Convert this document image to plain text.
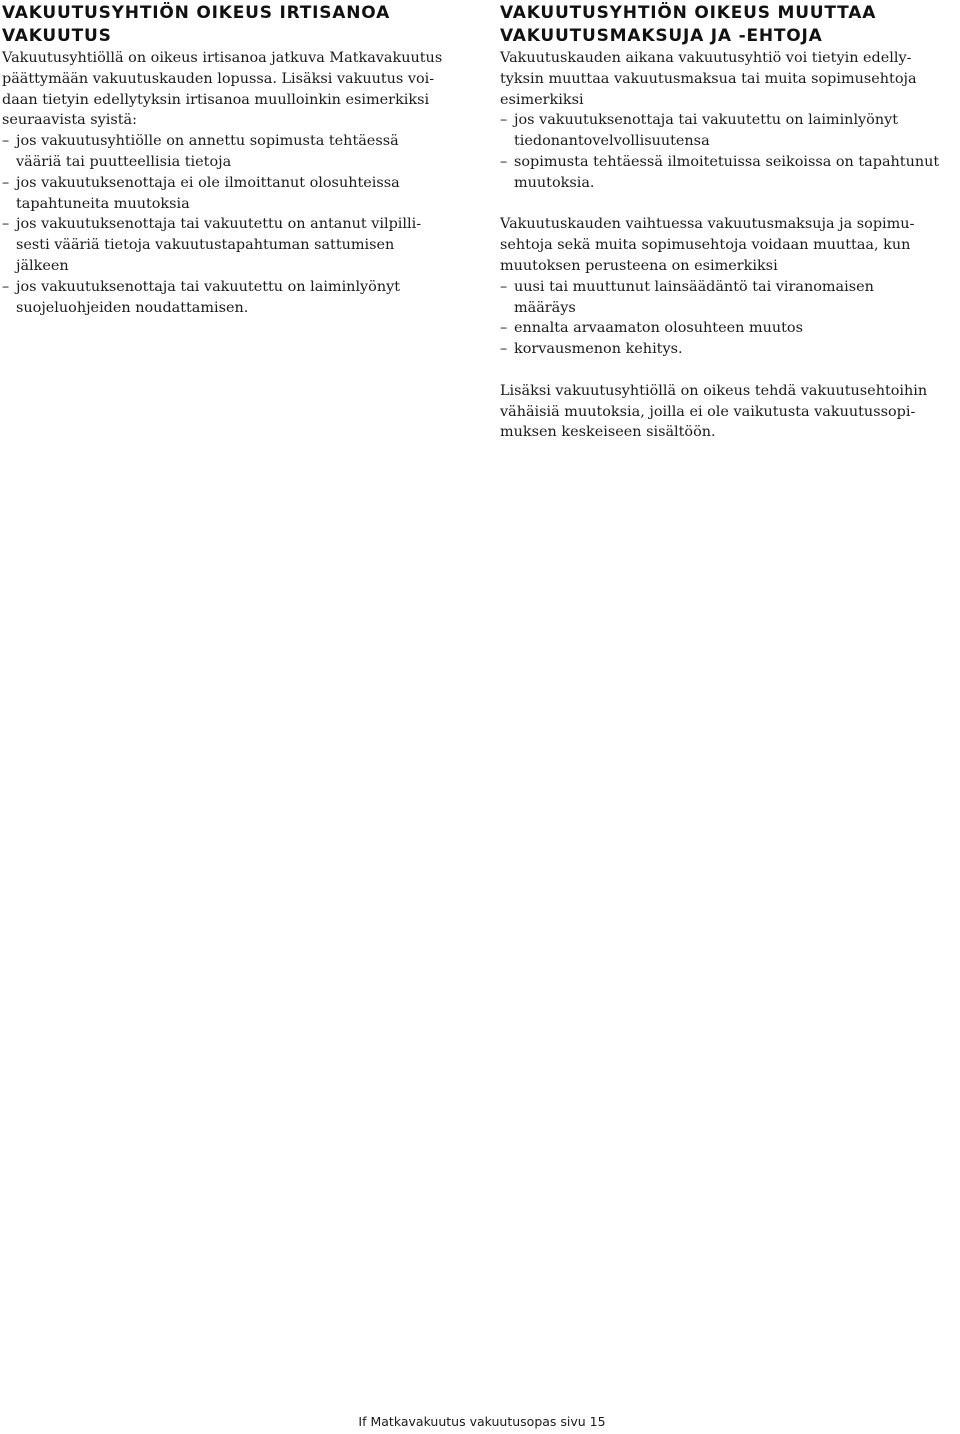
VAKUUTUSYHTIÖN OIKEUS IRTISANOA
VAKUUTUS

Vakuutusyhtiöllä on oikeus irtisanoa jatkuva Matkavakuutus
päättymään vakuutuskauden lopussa. Lisäksi vakuutus voi-
daan tietyin edellytyksin irtisanoa muulloinkin esimerkiksi
seuraavista syistä:

– jos vakuutusyhtiölle on annettu sopimusta tehtäessä
vääriä tai puutteellisia tietoja
– jos vakuutuksenottaja ei ole ilmoittanut olosuhteissa
tapahtuneita muutoksia
– jos vakuutuksenottaja tai vakuutettu on antanut vilpilli-
sesti vääriä tietoja vakuutustapahtuman sattumisen
jälkeen
– jos vakuutuksenottaja tai vakuutettu on laiminlyönyt
suojeluohjeiden noudattamisen.
VAKUUTUSYHTIÖN OIKEUS MUUTTAA
VAKUUTUSMAKSUJA JA -EHTOJA

Vakuutuskauden aikana vakuutusyhtiö voi tietyin edelly-
tyksin muuttaa vakuutusmaksua tai muita sopimusehtoja
esimerkiksi

– jos vakuutuksenottaja tai vakuutettu on laiminlyönyt
tiedonantovelvollisuutensa
– sopimusta tehtäessä ilmoitetuissa seikoissa on tapahtunut
muutoksia.

Vakuutuskauden vaihtuessa vakuutusmaksuja ja sopimu-
sehtoja sekä muita sopimusehtoja voidaan muuttaa, kun
muutoksen perusteena on esimerkiksi

– uusi tai muuttunut lainsäädäntö tai viranomaisen
määräys
– ennalta arvaamaton olosuhteen muutos
– korvausmenon kehitys.

Lisäksi vakuutusyhtiöllä on oikeus tehdä vakuutusehtoihin
vähäisiä muutoksia, joilla ei ole vaikutusta vakuutussopi-
muksen keskeiseen sisältöön.

If Matkavakuutus vakuutusopas sivu 15
